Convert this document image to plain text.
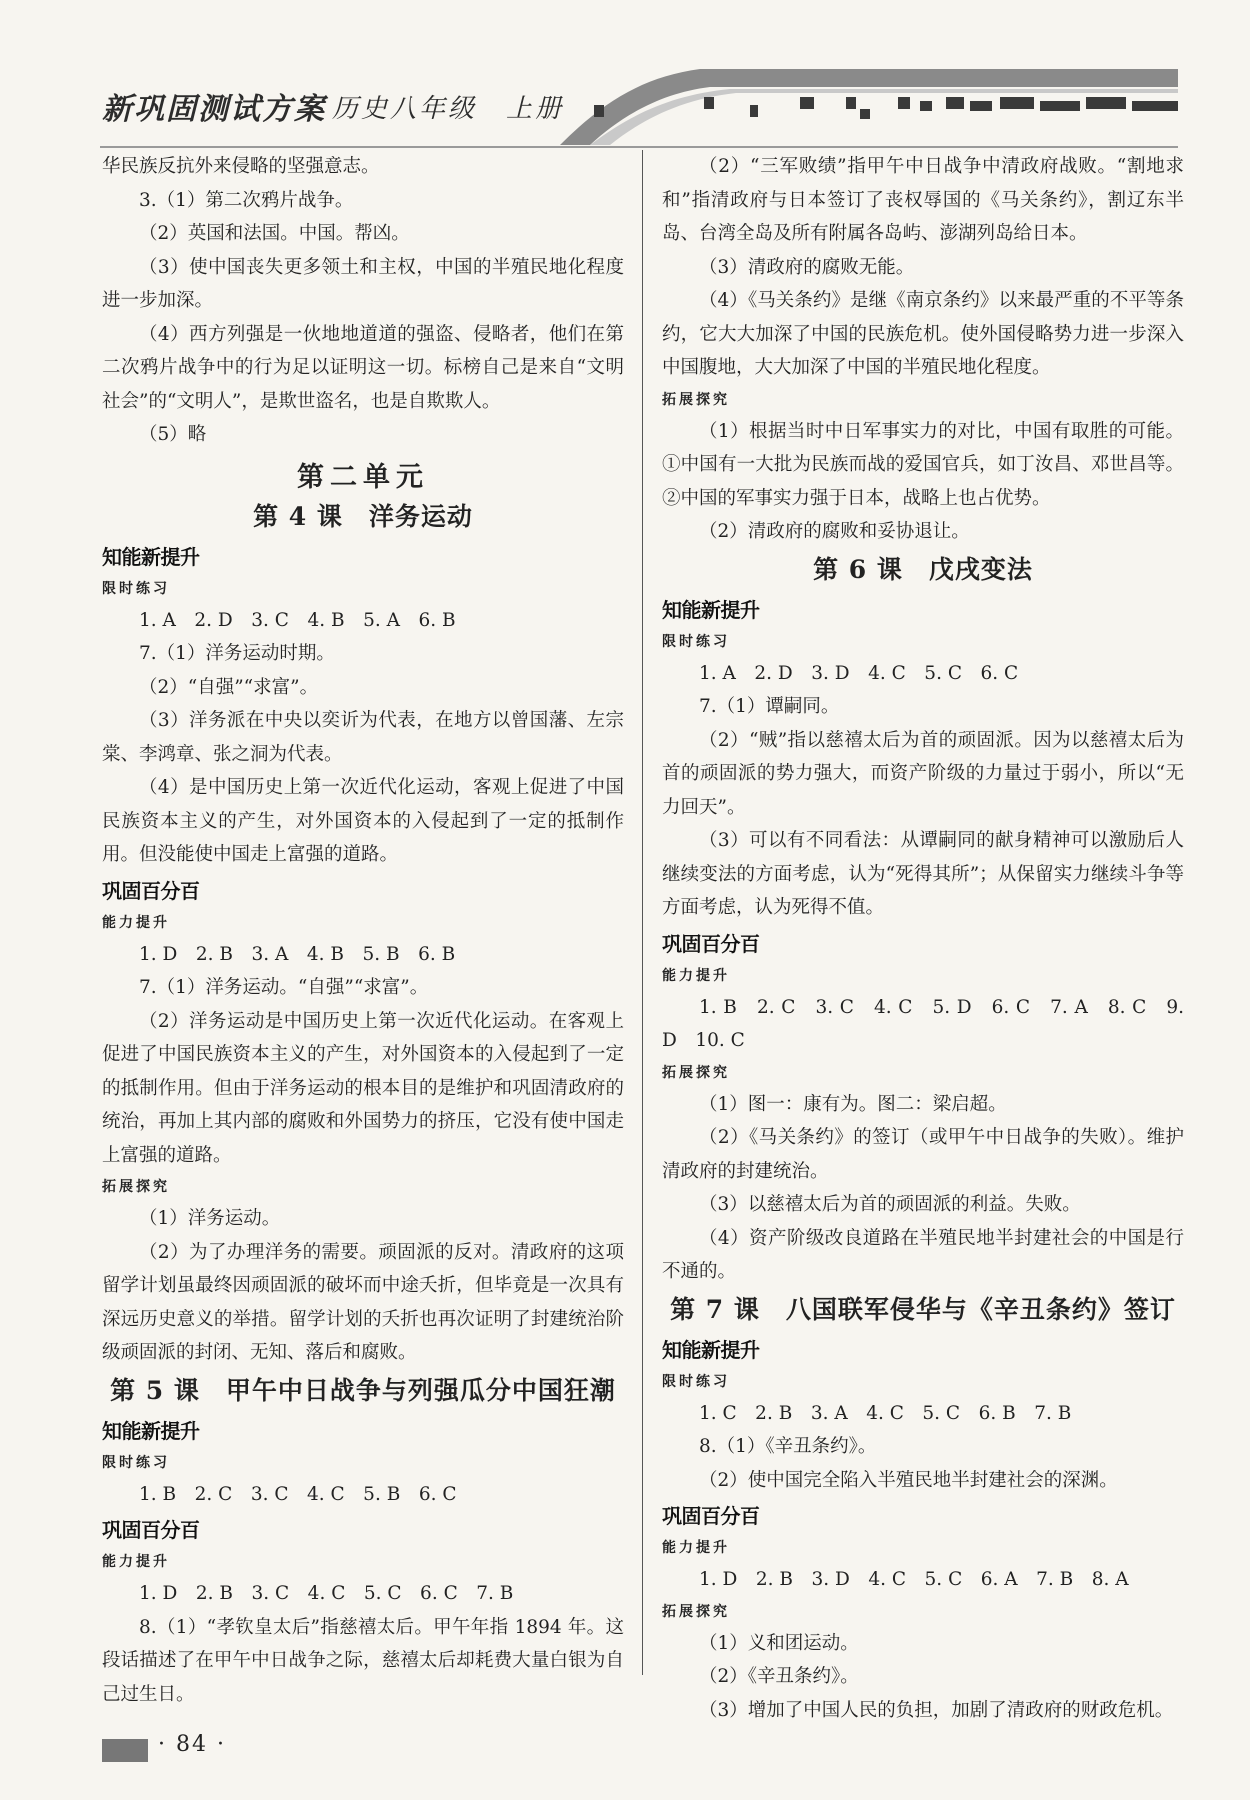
新巩固测试方案 历史八年级　上册

华民族反抗外来侵略的坚强意志。

3.（1）第二次鸦片战争。

（2）英国和法国。中国。帮凶。

（3）使中国丧失更多领土和主权，中国的半殖民地化程度进一步加深。

（4）西方列强是一伙地地道道的强盗、侵略者，他们在第二次鸦片战争中的行为足以证明这一切。标榜自己是来自“文明社会”的“文明人”，是欺世盗名，也是自欺欺人。

（5）略

第二单元
第 4 课　洋务运动
知能新提升
限时练习

1. A　2. D　3. C　4. B　5. A　6. B

7.（1）洋务运动时期。

（2）“自强”“求富”。

（3）洋务派在中央以奕䜣为代表，在地方以曾国藩、左宗棠、李鸿章、张之洞为代表。

（4）是中国历史上第一次近代化运动，客观上促进了中国民族资本主义的产生，对外国资本的入侵起到了一定的抵制作用。但没能使中国走上富强的道路。

巩固百分百
能力提升

1. D　2. B　3. A　4. B　5. B　6. B

7.（1）洋务运动。“自强”“求富”。

（2）洋务运动是中国历史上第一次近代化运动。在客观上促进了中国民族资本主义的产生，对外国资本的入侵起到了一定的抵制作用。但由于洋务运动的根本目的是维护和巩固清政府的统治，再加上其内部的腐败和外国势力的挤压，它没有使中国走上富强的道路。

拓展探究

（1）洋务运动。

（2）为了办理洋务的需要。顽固派的反对。清政府的这项留学计划虽最终因顽固派的破坏而中途夭折，但毕竟是一次具有深远历史意义的举措。留学计划的夭折也再次证明了封建统治阶级顽固派的封闭、无知、落后和腐败。

第 5 课　甲午中日战争与列强瓜分中国狂潮
知能新提升
限时练习

1. B　2. C　3. C　4. C　5. B　6. C

巩固百分百
能力提升

1. D　2. B　3. C　4. C　5. C　6. C　7. B

8.（1）“孝钦皇太后”指慈禧太后。甲午年指 1894 年。这段话描述了在甲午中日战争之际，慈禧太后却耗费大量白银为自己过生日。

（2）“三军败绩”指甲午中日战争中清政府战败。“割地求和”指清政府与日本签订了丧权辱国的《马关条约》，割辽东半岛、台湾全岛及所有附属各岛屿、澎湖列岛给日本。

（3）清政府的腐败无能。

（4）《马关条约》是继《南京条约》以来最严重的不平等条约，它大大加深了中国的民族危机。使外国侵略势力进一步深入中国腹地，大大加深了中国的半殖民地化程度。

拓展探究

（1）根据当时中日军事实力的对比，中国有取胜的可能。①中国有一大批为民族而战的爱国官兵，如丁汝昌、邓世昌等。②中国的军事实力强于日本，战略上也占优势。

（2）清政府的腐败和妥协退让。

第 6 课　戊戌变法
知能新提升
限时练习

1. A　2. D　3. D　4. C　5. C　6. C

7.（1）谭嗣同。

（2）“贼”指以慈禧太后为首的顽固派。因为以慈禧太后为首的顽固派的势力强大，而资产阶级的力量过于弱小，所以“无力回天”。

（3）可以有不同看法：从谭嗣同的献身精神可以激励后人继续变法的方面考虑，认为“死得其所”；从保留实力继续斗争等方面考虑，认为死得不值。

巩固百分百
能力提升

1. B　2. C　3. C　4. C　5. D　6. C　7. A　8. C　9. D　10. C

拓展探究

（1）图一：康有为。图二：梁启超。

（2）《马关条约》的签订（或甲午中日战争的失败）。维护清政府的封建统治。

（3）以慈禧太后为首的顽固派的利益。失败。

（4）资产阶级改良道路在半殖民地半封建社会的中国是行不通的。

第 7 课　八国联军侵华与《辛丑条约》签订
知能新提升
限时练习

1. C　2. B　3. A　4. C　5. C　6. B　7. B

8.（1）《辛丑条约》。

（2）使中国完全陷入半殖民地半封建社会的深渊。

巩固百分百
能力提升

1. D　2. B　3. D　4. C　5. C　6. A　7. B　8. A

拓展探究

（1）义和团运动。

（2）《辛丑条约》。

（3）增加了中国人民的负担，加剧了清政府的财政危机。

· 84 ·
